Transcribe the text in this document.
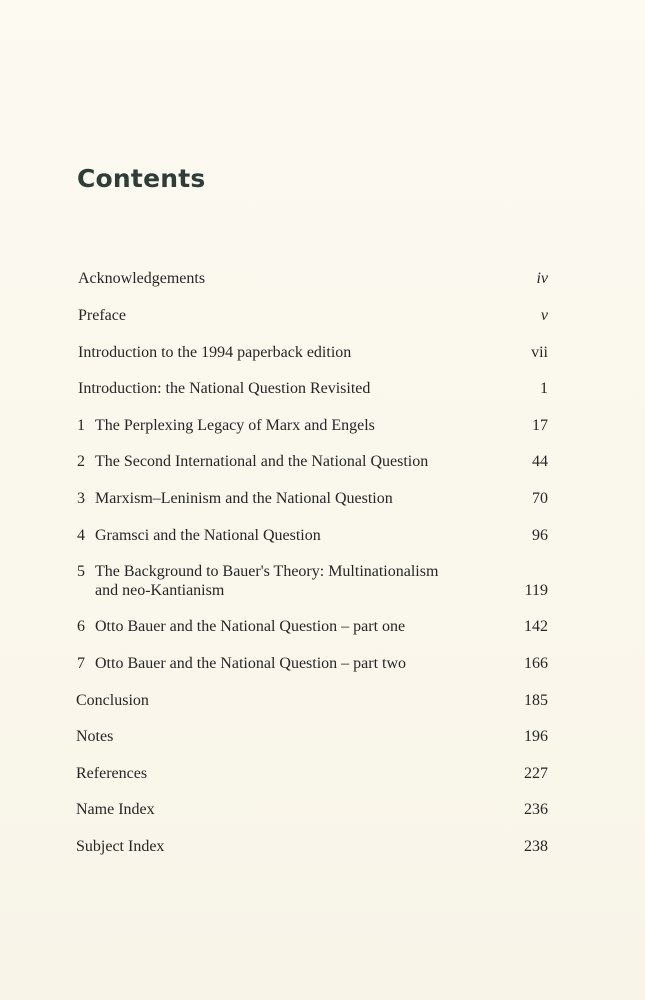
Contents
Acknowledgements	iv
Preface	v
Introduction to the 1994 paperback edition	vii
Introduction: the National Question Revisited	1
1 The Perplexing Legacy of Marx and Engels	17
2 The Second International and the National Question	44
3 Marxism–Leninism and the National Question	70
4 Gramsci and the National Question	96
5 The Background to Bauer's Theory: Multinationalism
and neo-Kantianism	119
6 Otto Bauer and the National Question – part one	142
7 Otto Bauer and the National Question – part two	166
Conclusion	185
Notes	196
References	227
Name Index	236
Subject Index	238
